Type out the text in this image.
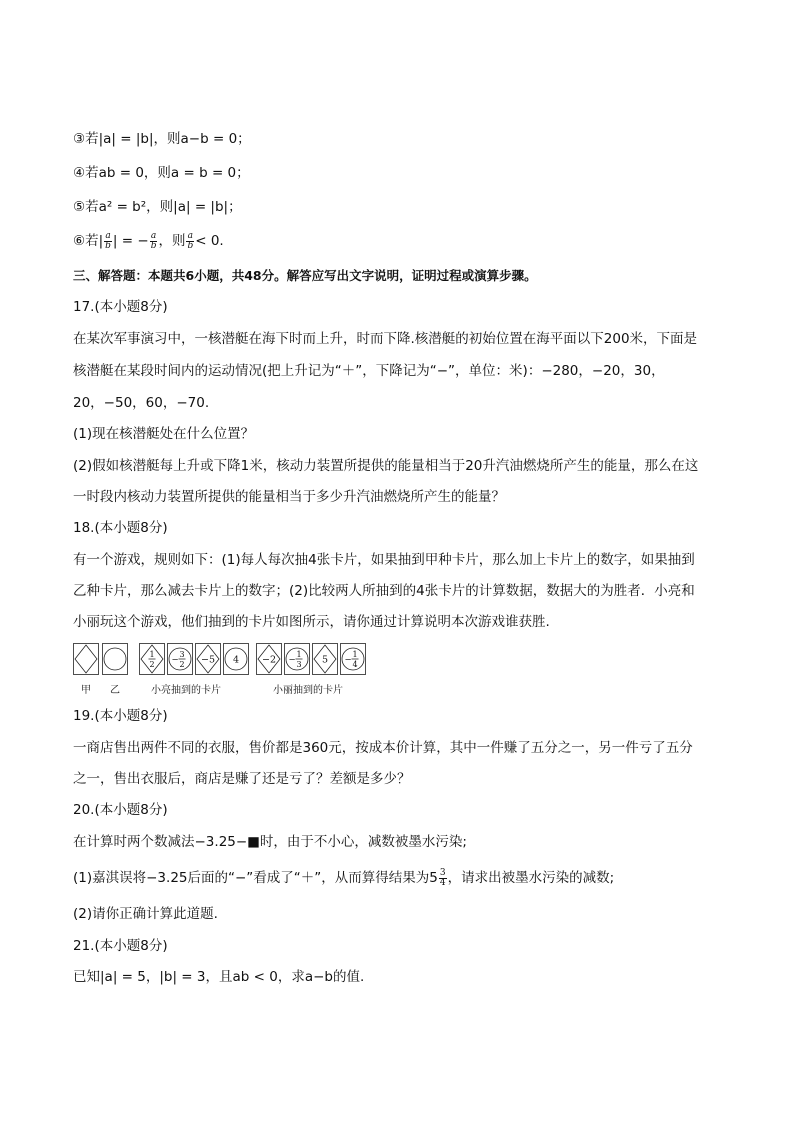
③若|a| = |b|，则a−b = 0；
④若ab = 0，则a = b = 0；
⑤若a² = b²，则|a| = |b|；
⑥若| $\frac{a}{b}$ | = − $\frac{a}{b}$ ，则 $\frac{a}{b} < 0$.
三、解答题：本题共6小题，共48分。解答应写出文字说明，证明过程或演算步骤。
17.(本小题8分)
在某次军事演习中，一核潜艇在海下时而上升，时而下降.核潜艇的初始位置在海平面以下200米，下面是
核潜艇在某段时间内的运动情况(把上升记为“＋”，下降记为“−”，单位：米)：−280，−20，30，
20，−50，60，−70.
(1)现在核潜艇处在什么位置？
(2)假如核潜艇每上升或下降1米，核动力装置所提供的能量相当于20升汽油燃烧所产生的能量，那么在这
一时段内核动力装置所提供的能量相当于多少升汽油燃烧所产生的能量？
18.(本小题8分)
有一个游戏，规则如下：(1)每人每次抽4张卡片，如果抽到甲种卡片，那么加上卡片上的数字，如果抽到
乙种卡片，那么减去卡片上的数字；(2)比较两人所抽到的4张卡片的计算数据，数据大的为胜者．小亮和
小丽玩这个游戏，他们抽到的卡片如图所示，请你通过计算说明本次游戏谁获胜.
1
2 −
3
2 −5 4 −2 −
1
3 5 −
1
4
甲 乙	小亮抽到的卡片	小丽抽到的卡片
19.(本小题8分)
一商店售出两件不同的衣服，售价都是360元，按成本价计算，其中一件赚了五分之一，另一件亏了五分
之一，售出衣服后，商店是赚了还是亏了？差额是多少？
20.(本小题8分)
在计算时两个数减法−3.25−■时，由于不小心，减数被墨水污染;
(1)嘉淇误将−3.25后面的“−”看成了“＋”，从而算得结果为$5 \frac{3}{4}$ ，请求出被墨水污染的减数;
(2)请你正确计算此道题.
21.(本小题8分)
已知|a| = 5，|b| = 3，且ab < 0，求a−b的值.
